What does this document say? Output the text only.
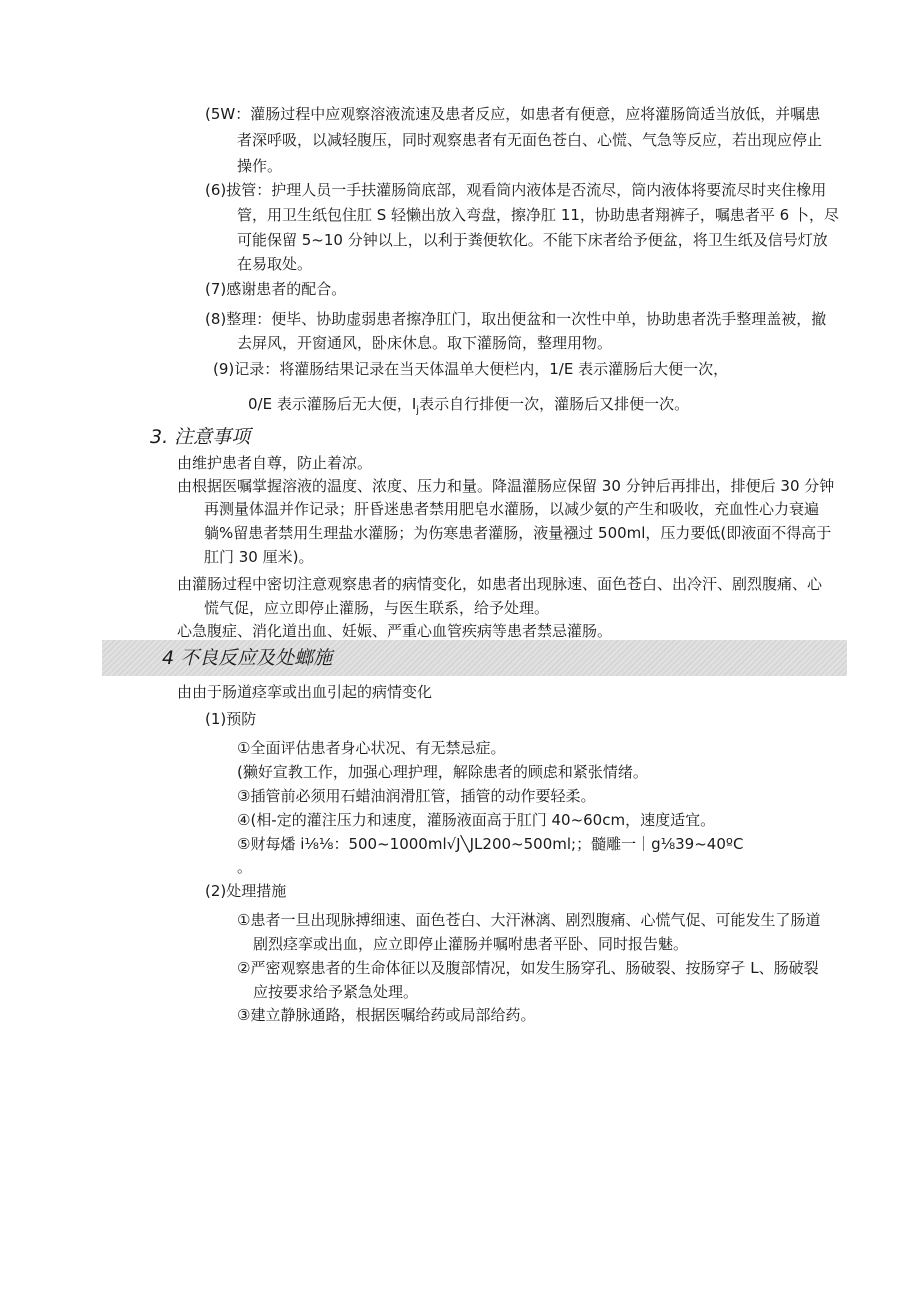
(5W：灌肠过程中应观察溶液流速及患者反应，如患者有便意，应将灌肠筒适当放低，并嘱患
者深呼吸，以减轻腹压，同时观察患者有无面色苍白、心慌、气急等反应，若出现应停止
操作。
(6)拔管：护理人员一手扶灌肠筒底部，观看筒内液体是否流尽，筒内液体将要流尽时夹住橡用
管，用卫生纸包住肛 S 轻懒出放入弯盘，擦净肛 11，协助患者翔裤子，嘱患者平 6 卜，尽
可能保留 5~10 分钟以上，以利于粪便软化。不能下床者给予便盆，将卫生纸及信号灯放
在易取处。
(7)感谢患者的配合。
(8)整理：便毕、协助虚弱患者擦净肛门，取出便盆和一次性中单，协助患者洗手整理盖被，撤
去屏风，开窗通风，卧床休息。取下灌肠筒，整理用物。
(9)记录：将灌肠结果记录在当天体温单大便栏内，1/E 表示灌肠后大便一次，
0/E 表示灌肠后无大便，$I_j$表示自行排便一次，灌肠后又排便一次。
3. 注意事项
由维护患者自尊，防止着凉。
由根据医嘱掌握溶液的温度、浓度、压力和量。降温灌肠应保留 30 分钟后再排出，排便后 30 分钟
再测量体温并作记录；肝昏迷患者禁用肥皂水灌肠，以减少氨的产生和吸收，充血性心力衰遍
躺%留患者禁用生理盐水灌肠；为伤寒患者灌肠，液量襁过 500ml，压力要低(即液面不得高于
肛门 30 厘米)。
由灌肠过程中密切注意观察患者的病情变化，如患者出现脉速、面色苍白、出冷汗、剧烈腹痛、心
慌气促，应立即停止灌肠，与医生联系，给予处理。
心急腹症、消化道出血、妊娠、严重心血管疾病等患者禁忌灌肠。
4 不良反应及处螂施
由由于肠道痉挛或出血引起的病情变化
(1)预防
①全面评估患者身心状况、有无禁忌症。
(獭好宣教工作，加强心理护理，解除患者的顾虑和紧张情绪。
③插管前必须用石蜡油润滑肛管，插管的动作要轻柔。
④(相-定的灌注压力和速度，灌肠液面高于肛门 40~60cm，速度适宜。
⑤财每燔 i⅛⅛：500~1000ml√J╲JL200~500ml;；髓雕一｜g⅛39~40ºC
。
(2)处理措施
①患者一旦出现脉搏细速、面色苍白、大汗淋漓、剧烈腹痛、心慌气促、可能发生了肠道
剧烈痉挛或出血，应立即停止灌肠并嘱咐患者平卧、同时报告魅。
②严密观察患者的生命体征以及腹部情况，如发生肠穿孔、肠破裂、按肠穿孑 L、肠破裂
应按要求给予紧急处理。
③建立静脉通路，根据医嘱给药或局部给药。
